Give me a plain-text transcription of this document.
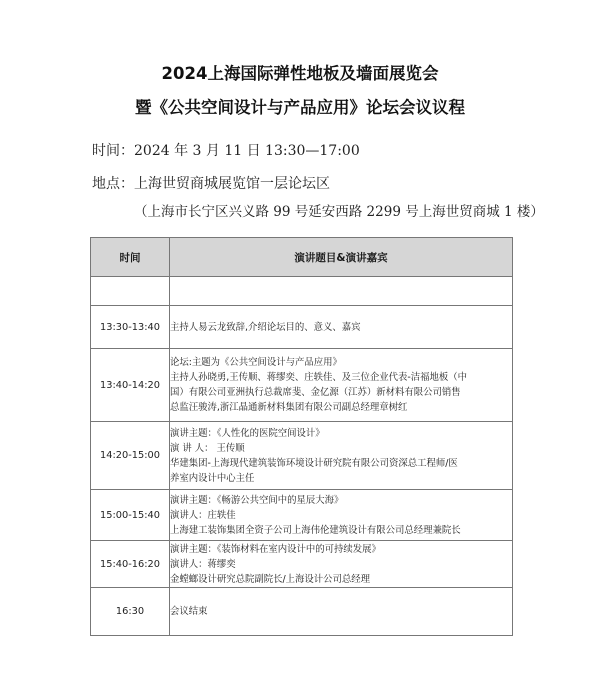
2024上海国际弹性地板及墙面展览会
暨《公共空间设计与产品应用》论坛会议议程
时间：2024 年 3 月 11 日 13:30—17:00
地点：上海世贸商城展览馆一层论坛区
（上海市长宁区兴义路 99 号延安西路 2299 号上海世贸商城 1 楼）
时间	演讲题目&演讲嘉宾

13:30-13:40	主持人易云龙致辞,介绍论坛目的、意义、嘉宾

13:40-14:20	论坛:主题为《公共空间设计与产品应用》
主持人孙晓勇,王传顺、蒋缪奕、庄轶佳、及三位企业代表-洁福地板（中
国）有限公司亚洲执行总裁席斐、金亿源（江苏）新材料有限公司销售
总监汪骏涛,浙江晶通新材料集团有限公司副总经理章树红

14:20-15:00	演讲主题：《人性化的医院空间设计》
演 讲 人： 王传顺
华建集团-上海现代建筑装饰环境设计研究院有限公司资深总工程师/医
养室内设计中心主任

15:00-15:40	演讲主题：《畅游公共空间中的星辰大海》
演讲人：庄轶佳
上海建工装饰集团全资子公司上海伟伦建筑设计有限公司总经理兼院长

15:40-16:20	演讲主题：《装饰材料在室内设计中的可持续发展》
演讲人：蒋缪奕
金螳螂设计研究总院副院长/上海设计公司总经理

16:30	会议结束
